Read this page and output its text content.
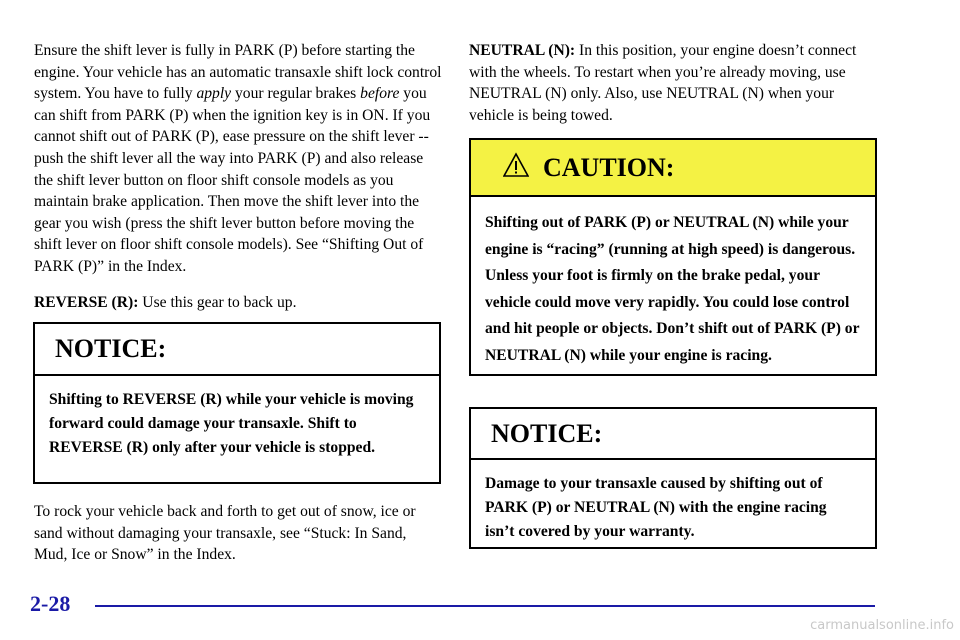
Ensure the shift lever is fully in PARK (P) before starting the engine. Your vehicle has an automatic transaxle shift lock control system. You have to fully apply your regular brakes before you can shift from PARK (P) when the ignition key is in ON. If you cannot shift out of PARK (P), ease pressure on the shift lever -- push the shift lever all the way into PARK (P) and also release the shift lever button on floor shift console models as you maintain brake application. Then move the shift lever into the gear you wish (press the shift lever button before moving the shift lever on floor shift console models). See “Shifting Out of PARK (P)” in the Index.

REVERSE (R): Use this gear to back up.

NOTICE:
Shifting to REVERSE (R) while your vehicle is moving forward could damage your transaxle. Shift to REVERSE (R) only after your vehicle is stopped.

To rock your vehicle back and forth to get out of snow, ice or sand without damaging your transaxle, see “Stuck: In Sand, Mud, Ice or Snow” in the Index.

NEUTRAL (N): In this position, your engine doesn’t connect with the wheels. To restart when you’re already moving, use NEUTRAL (N) only. Also, use NEUTRAL (N) when your vehicle is being towed.

CAUTION:
Shifting out of PARK (P) or NEUTRAL (N) while your engine is “racing” (running at high speed) is dangerous. Unless your foot is firmly on the brake pedal, your vehicle could move very rapidly. You could lose control and hit people or objects. Don’t shift out of PARK (P) or NEUTRAL (N) while your engine is racing.
NOTICE:
Damage to your transaxle caused by shifting out of PARK (P) or NEUTRAL (N) with the engine racing isn’t covered by your warranty.
2-28
carmanualsonline.info
